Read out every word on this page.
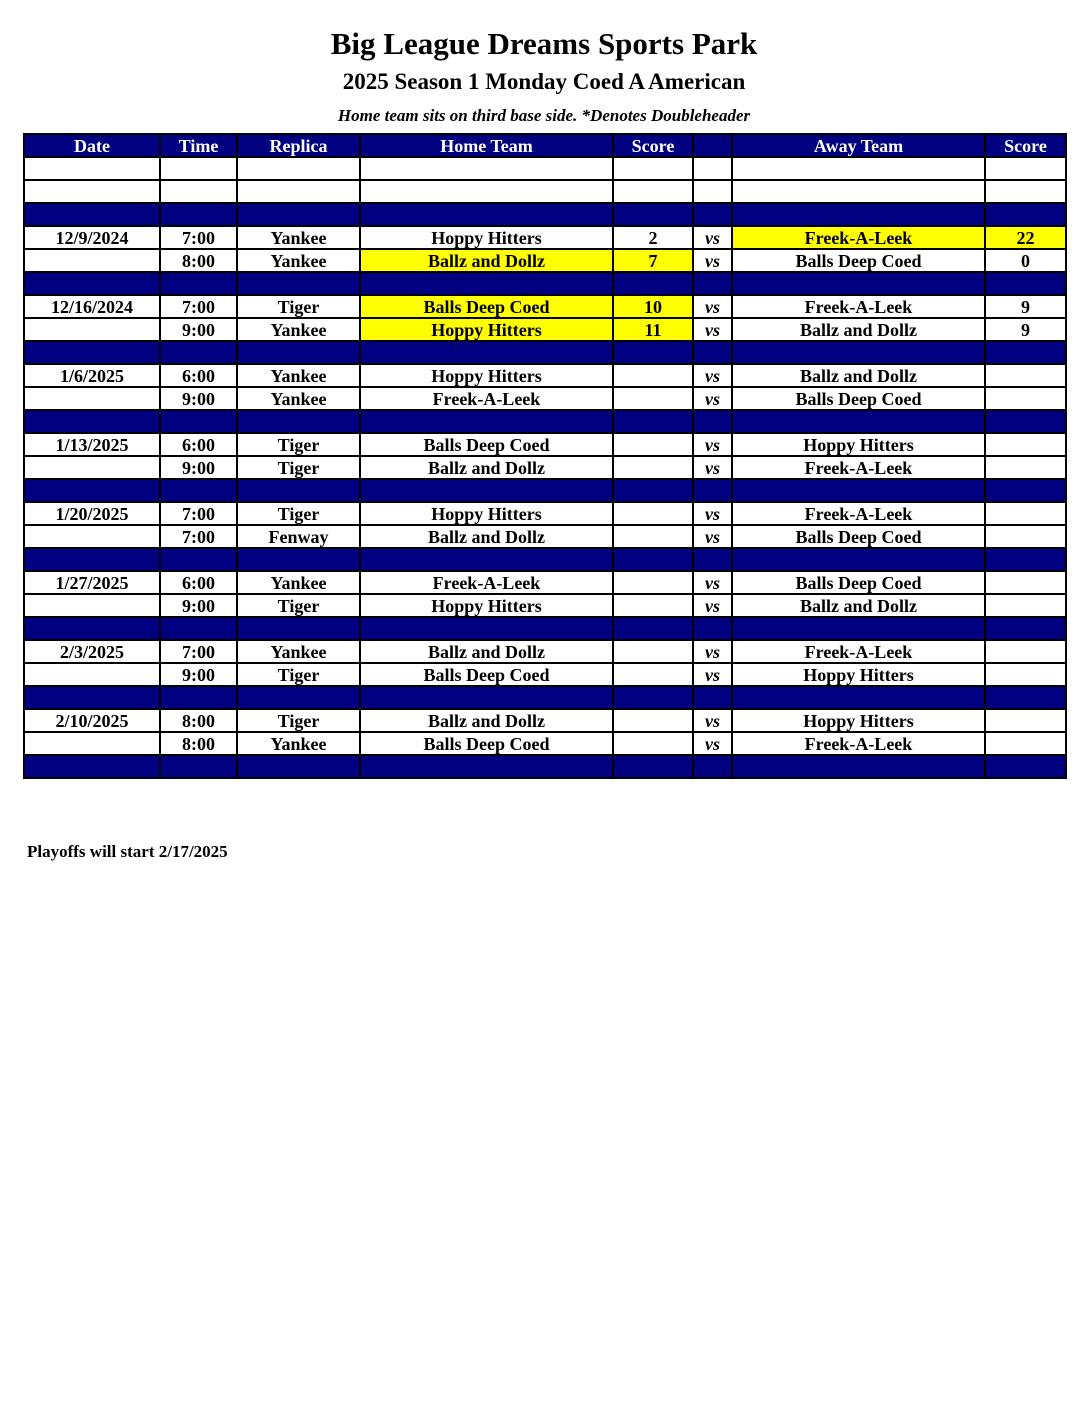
Big League Dreams Sports Park
2025 Season 1 Monday Coed A American
Home team sits on third base side. *Denotes Doubleheader
Date	Time	Replica	Home Team	Score		Away Team	Score

12/9/2024	7:00	Yankee	Hoppy Hitters	2	vs	Freek-A-Leek	22
	8:00	Yankee	Ballz and Dollz	7	vs	Balls Deep Coed	0

12/16/2024	7:00	Tiger	Balls Deep Coed	10	vs	Freek-A-Leek	9
	9:00	Yankee	Hoppy Hitters	11	vs	Ballz and Dollz	9

1/6/2025	6:00	Yankee	Hoppy Hitters		vs	Ballz and Dollz	
	9:00	Yankee	Freek-A-Leek		vs	Balls Deep Coed	

1/13/2025	6:00	Tiger	Balls Deep Coed		vs	Hoppy Hitters	
	9:00	Tiger	Ballz and Dollz		vs	Freek-A-Leek	

1/20/2025	7:00	Tiger	Hoppy Hitters		vs	Freek-A-Leek	
	7:00	Fenway	Ballz and Dollz		vs	Balls Deep Coed	

1/27/2025	6:00	Yankee	Freek-A-Leek		vs	Balls Deep Coed	
	9:00	Tiger	Hoppy Hitters		vs	Ballz and Dollz	

2/3/2025	7:00	Yankee	Ballz and Dollz		vs	Freek-A-Leek	
	9:00	Tiger	Balls Deep Coed		vs	Hoppy Hitters	

2/10/2025	8:00	Tiger	Ballz and Dollz		vs	Hoppy Hitters	
	8:00	Yankee	Balls Deep Coed		vs	Freek-A-Leek	

Playoffs will start 2/17/2025
